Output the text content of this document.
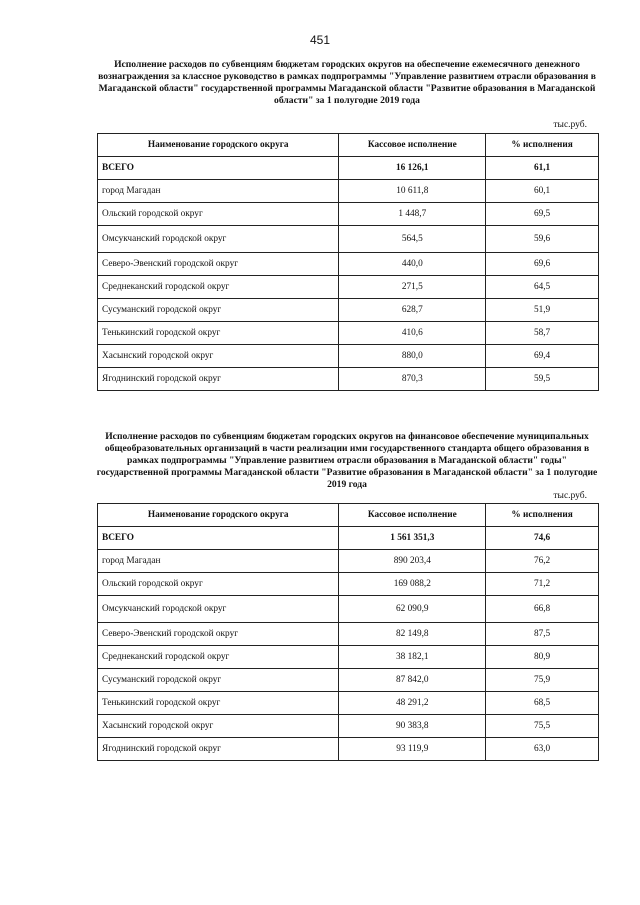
451
Исполнение расходов по субвенциям бюджетам городских округов на обеспечение ежемесячного денежного вознаграждения за классное руководство в рамках подпрограммы "Управление развитием отрасли образования в Магаданской области" государственной программы Магаданской области "Развитие образования в Магаданской области" за 1 полугодие 2019 года
тыс.руб.
Наименование городского округа	Кассовое исполнение	% исполнения
ВСЕГО	16 126,1	61,1
город Магадан	10 611,8	60,1
Ольский городской округ	1 448,7	69,5
Омсукчанский городской округ	564,5	59,6
Северо-Эвенский городской округ	440,0	69,6
Среднеканский городской округ	271,5	64,5
Сусуманский городской округ	628,7	51,9
Тенькинский городской округ	410,6	58,7
Хасынский городской округ	880,0	69,4
Ягоднинский городской округ	870,3	59,5
Исполнение расходов по субвенциям бюджетам городских округов на финансовое обеспечение муниципальных общеобразовательных организаций в части реализации ими государственного стандарта общего образования в рамках подпрограммы "Управление развитием отрасли образования в Магаданской области" годы" государственной программы Магаданской области "Развитие образования в Магаданской области" за 1 полугодие 2019 года
тыс.руб.
Наименование городского округа	Кассовое исполнение	% исполнения
ВСЕГО	1 561 351,3	74,6
город Магадан	890 203,4	76,2
Ольский городской округ	169 088,2	71,2
Омсукчанский городской округ	62 090,9	66,8
Северо-Эвенский городской округ	82 149,8	87,5
Среднеканский городской округ	38 182,1	80,9
Сусуманский городской округ	87 842,0	75,9
Тенькинский городской округ	48 291,2	68,5
Хасынский городской округ	90 383,8	75,5
Ягоднинский городской округ	93 119,9	63,0
